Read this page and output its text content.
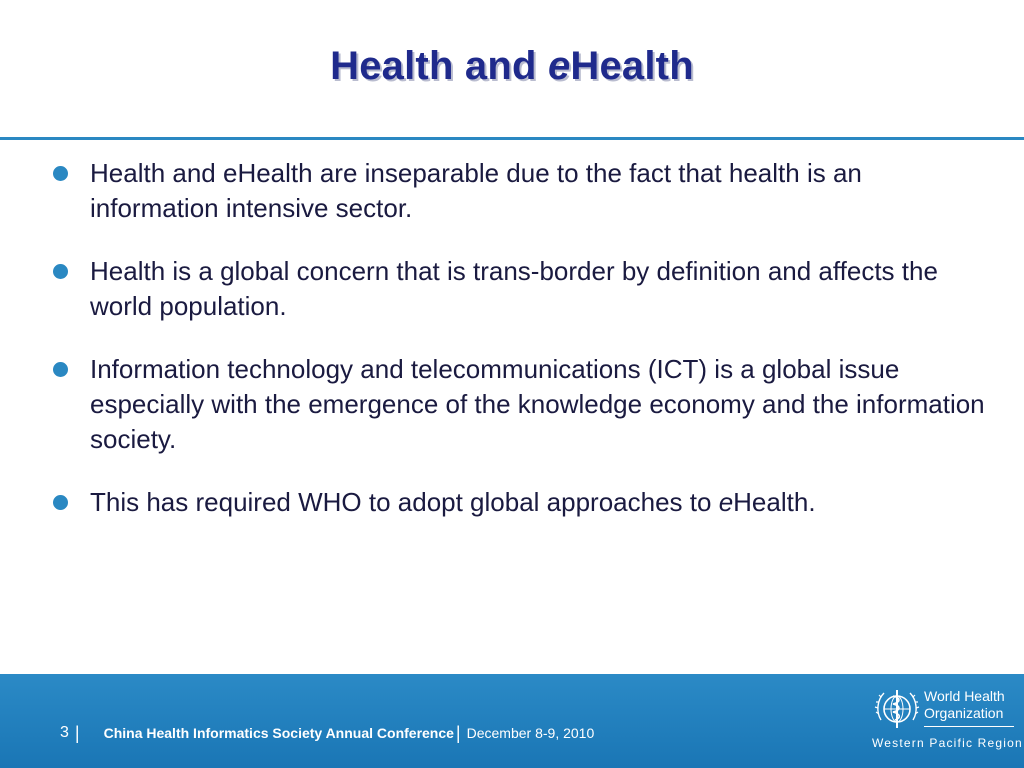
Health and eHealth
Health and eHealth are inseparable due to the fact that health is an information intensive sector.
Health is a global concern that is trans-border by definition and affects the world population.
Information technology and telecommunications (ICT) is a global issue especially with the emergence of the knowledge economy and the information society.
This has required WHO to adopt global approaches to eHealth.
3 | China Health Informatics Society Annual Conference | December 8-9, 2010
World Health
Organization
Western Pacific Region
